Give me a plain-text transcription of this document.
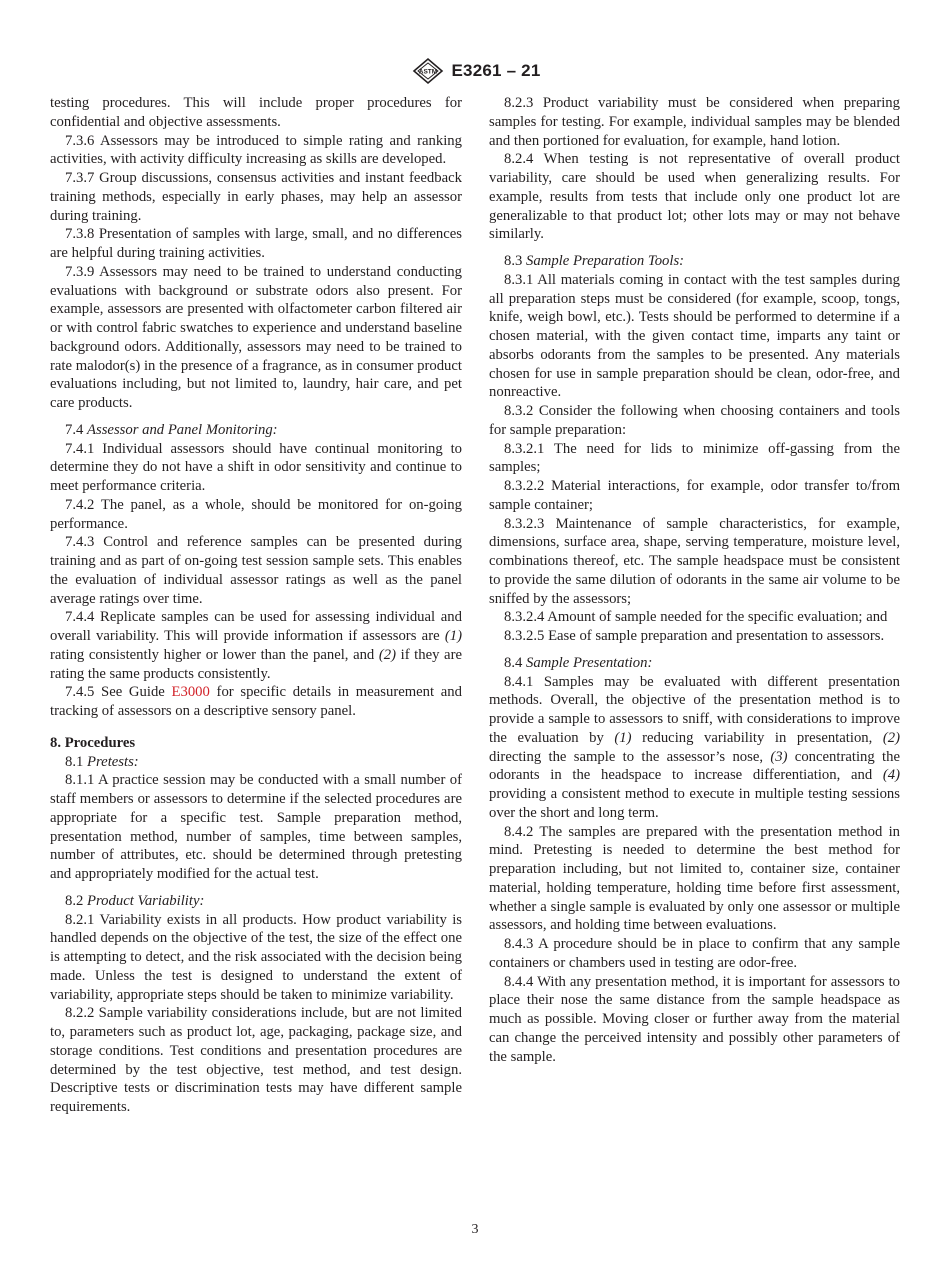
ASTM E3261 – 21

testing procedures. This will include proper procedures for confidential and objective assessments.

7.3.6 Assessors may be introduced to simple rating and ranking activities, with activity difficulty increasing as skills are developed.

7.3.7 Group discussions, consensus activities and instant feedback training methods, especially in early phases, may help an assessor during training.

7.3.8 Presentation of samples with large, small, and no differences are helpful during training activities.

7.3.9 Assessors may need to be trained to understand conducting evaluations with background or substrate odors also present. For example, assessors are presented with olfactometer carbon filtered air or with control fabric swatches to experience and understand baseline background odors. Additionally, assessors may need to be trained to rate malodor(s) in the presence of a fragrance, as in consumer product evaluations including, but not limited to, laundry, hair care, and pet care products.

7.4 Assessor and Panel Monitoring:

7.4.1 Individual assessors should have continual monitoring to determine they do not have a shift in odor sensitivity and continue to meet performance criteria.

7.4.2 The panel, as a whole, should be monitored for on-going performance.

7.4.3 Control and reference samples can be presented during training and as part of on-going test session sample sets. This enables the evaluation of individual assessor ratings as well as the panel average ratings over time.

7.4.4 Replicate samples can be used for assessing individual and overall variability. This will provide information if assessors are (1) rating consistently higher or lower than the panel, and (2) if they are rating the same products consistently.

7.4.5 See Guide E3000 for specific details in measurement and tracking of assessors on a descriptive sensory panel.

8. Procedures

8.1 Pretests:

8.1.1 A practice session may be conducted with a small number of staff members or assessors to determine if the selected procedures are appropriate for a specific test. Sample preparation method, presentation method, number of samples, time between samples, number of attributes, etc. should be determined through pretesting and appropriately modified for the actual test.

8.2 Product Variability:

8.2.1 Variability exists in all products. How product variability is handled depends on the objective of the test, the size of the effect one is attempting to detect, and the risk associated with the decision being made. Unless the test is designed to understand the extent of variability, appropriate steps should be taken to minimize variability.

8.2.2 Sample variability considerations include, but are not limited to, parameters such as product lot, age, packaging, package size, and storage conditions. Test conditions and presentation procedures are determined by the test objective, test method, and test design. Descriptive tests or discrimination tests may have different sample requirements.

8.2.3 Product variability must be considered when preparing samples for testing. For example, individual samples may be blended and then portioned for evaluation, for example, hand lotion.

8.2.4 When testing is not representative of overall product variability, care should be used when generalizing results. For example, results from tests that include only one product lot are generalizable to that product lot; other lots may or may not behave similarly.

8.3 Sample Preparation Tools:

8.3.1 All materials coming in contact with the test samples during all preparation steps must be considered (for example, scoop, tongs, knife, weigh bowl, etc.). Tests should be performed to determine if a chosen material, with the given contact time, imparts any taint or absorbs odorants from the samples to be presented. Any materials chosen for use in sample preparation should be clean, odor-free, and nonreactive.

8.3.2 Consider the following when choosing containers and tools for sample preparation:

8.3.2.1 The need for lids to minimize off-gassing from the samples;

8.3.2.2 Material interactions, for example, odor transfer to/from sample container;

8.3.2.3 Maintenance of sample characteristics, for example, dimensions, surface area, shape, serving temperature, moisture level, combinations thereof, etc. The sample headspace must be consistent to provide the same dilution of odorants in the same air volume to be sniffed by the assessors;

8.3.2.4 Amount of sample needed for the specific evaluation; and

8.3.2.5 Ease of sample preparation and presentation to assessors.

8.4 Sample Presentation:

8.4.1 Samples may be evaluated with different presentation methods. Overall, the objective of the presentation method is to provide a sample to assessors to sniff, with considerations to improve the evaluation by (1) reducing variability in presentation, (2) directing the sample to the assessor’s nose, (3) concentrating the odorants in the headspace to increase differentiation, and (4) providing a consistent method to execute in multiple testing sessions over the short and long term.

8.4.2 The samples are prepared with the presentation method in mind. Pretesting is needed to determine the best method for preparation including, but not limited to, container size, container material, holding temperature, holding time before first assessment, whether a single sample is evaluated by only one assessor or multiple assessors, and holding time between evaluations.

8.4.3 A procedure should be in place to confirm that any sample containers or chambers used in testing are odor-free.

8.4.4 With any presentation method, it is important for assessors to place their nose the same distance from the sample headspace as much as possible. Moving closer or further away from the material can change the perceived intensity and possibly other parameters of the sample.

3
